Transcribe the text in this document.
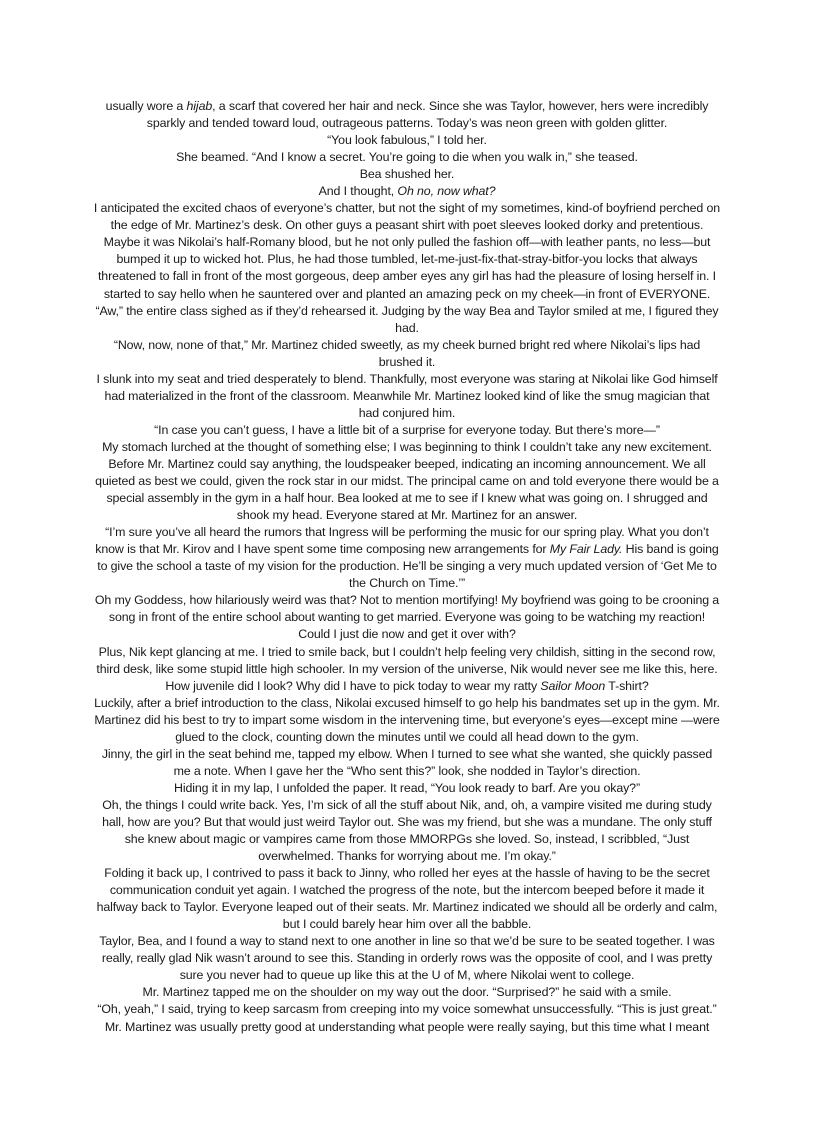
usually wore a hijab, a scarf that covered her hair and neck. Since she was Taylor, however, hers were incredibly sparkly and tended toward loud, outrageous patterns. Today’s was neon green with golden glitter.

“You look fabulous,” I told her.

She beamed. “And I know a secret. You’re going to die when you walk in,” she teased.

Bea shushed her.

And I thought, Oh no, now what?

I anticipated the excited chaos of everyone’s chatter, but not the sight of my sometimes, kind-of boyfriend perched on the edge of Mr. Martinez’s desk. On other guys a peasant shirt with poet sleeves looked dorky and pretentious. Maybe it was Nikolai’s half-Romany blood, but he not only pulled the fashion off—with leather pants, no less—but bumped it up to wicked hot. Plus, he had those tumbled, let-me-just-fix-that-stray-bitfor-you locks that always threatened to fall in front of the most gorgeous, deep amber eyes any girl has had the pleasure of losing herself in. I started to say hello when he sauntered over and planted an amazing peck on my cheek—in front of EVERYONE.

“Aw,” the entire class sighed as if they’d rehearsed it. Judging by the way Bea and Taylor smiled at me, I figured they had.

“Now, now, none of that,” Mr. Martinez chided sweetly, as my cheek burned bright red where Nikolai’s lips had brushed it.

I slunk into my seat and tried desperately to blend. Thankfully, most everyone was staring at Nikolai like God himself had materialized in the front of the classroom. Meanwhile Mr. Martinez looked kind of like the smug magician that had conjured him.

“In case you can’t guess, I have a little bit of a surprise for everyone today. But there’s more—”

My stomach lurched at the thought of something else; I was beginning to think I couldn’t take any new excitement. Before Mr. Martinez could say anything, the loudspeaker beeped, indicating an incoming announcement. We all quieted as best we could, given the rock star in our midst. The principal came on and told everyone there would be a special assembly in the gym in a half hour. Bea looked at me to see if I knew what was going on. I shrugged and shook my head. Everyone stared at Mr. Martinez for an answer.

“I’m sure you’ve all heard the rumors that Ingress will be performing the music for our spring play. What you don’t know is that Mr. Kirov and I have spent some time composing new arrangements for My Fair Lady. His band is going to give the school a taste of my vision for the production. He’ll be singing a very much updated version of ‘Get Me to the Church on Time.’”

Oh my Goddess, how hilariously weird was that? Not to mention mortifying! My boyfriend was going to be crooning a song in front of the entire school about wanting to get married. Everyone was going to be watching my reaction! Could I just die now and get it over with?

Plus, Nik kept glancing at me. I tried to smile back, but I couldn’t help feeling very childish, sitting in the second row, third desk, like some stupid little high schooler. In my version of the universe, Nik would never see me like this, here. How juvenile did I look? Why did I have to pick today to wear my ratty Sailor Moon T-shirt?

Luckily, after a brief introduction to the class, Nikolai excused himself to go help his bandmates set up in the gym. Mr. Martinez did his best to try to impart some wisdom in the intervening time, but everyone’s eyes—except mine —were glued to the clock, counting down the minutes until we could all head down to the gym.

Jinny, the girl in the seat behind me, tapped my elbow. When I turned to see what she wanted, she quickly passed me a note. When I gave her the “Who sent this?” look, she nodded in Taylor’s direction.

Hiding it in my lap, I unfolded the paper. It read, “You look ready to barf. Are you okay?”

Oh, the things I could write back. Yes, I’m sick of all the stuff about Nik, and, oh, a vampire visited me during study hall, how are you? But that would just weird Taylor out. She was my friend, but she was a mundane. The only stuff she knew about magic or vampires came from those MMORPGs she loved. So, instead, I scribbled, “Just overwhelmed. Thanks for worrying about me. I’m okay.”

Folding it back up, I contrived to pass it back to Jinny, who rolled her eyes at the hassle of having to be the secret communication conduit yet again. I watched the progress of the note, but the intercom beeped before it made it halfway back to Taylor. Everyone leaped out of their seats. Mr. Martinez indicated we should all be orderly and calm, but I could barely hear him over all the babble.

Taylor, Bea, and I found a way to stand next to one another in line so that we’d be sure to be seated together. I was really, really glad Nik wasn’t around to see this. Standing in orderly rows was the opposite of cool, and I was pretty sure you never had to queue up like this at the U of M, where Nikolai went to college.

Mr. Martinez tapped me on the shoulder on my way out the door. “Surprised?” he said with a smile.

“Oh, yeah,” I said, trying to keep sarcasm from creeping into my voice somewhat unsuccessfully. “This is just great.”

Mr. Martinez was usually pretty good at understanding what people were really saying, but this time what I meant
